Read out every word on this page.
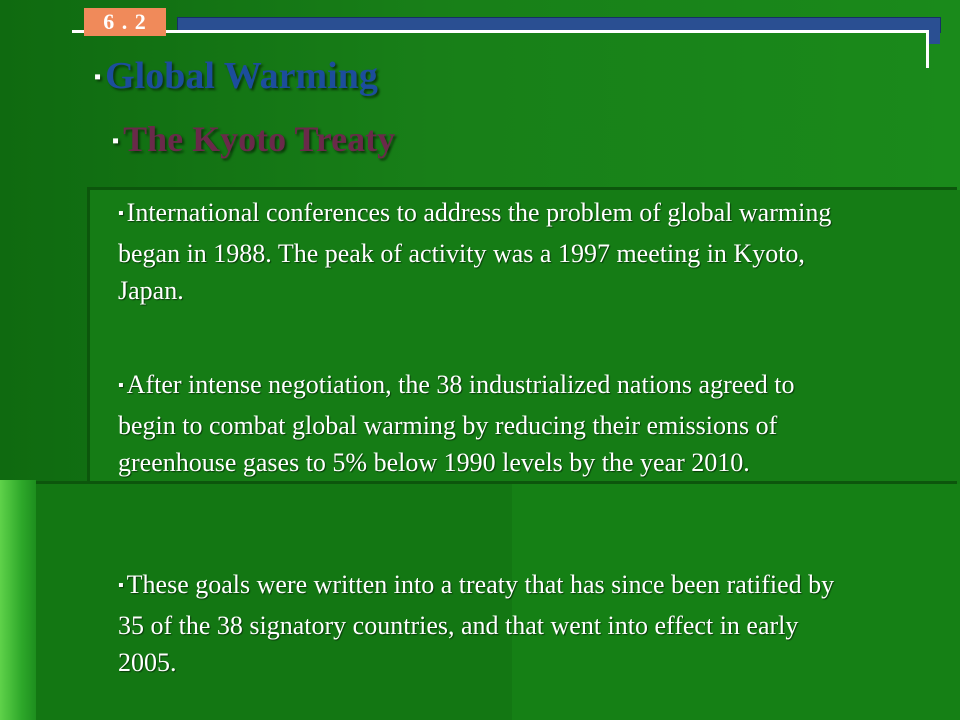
6 . 2
▪ Global Warming
▪ The Kyoto Treaty
▪ International conferences to address the problem of global warming began in 1988. The peak of activity was a 1997 meeting in Kyoto, Japan.
▪ After intense negotiation, the 38 industrialized nations agreed to begin to combat global warming by reducing their emissions of greenhouse gases to 5% below 1990 levels by the year 2010.
▪ These goals were written into a treaty that has since been ratified by 35 of the 38 signatory countries, and that went into effect in early 2005.
